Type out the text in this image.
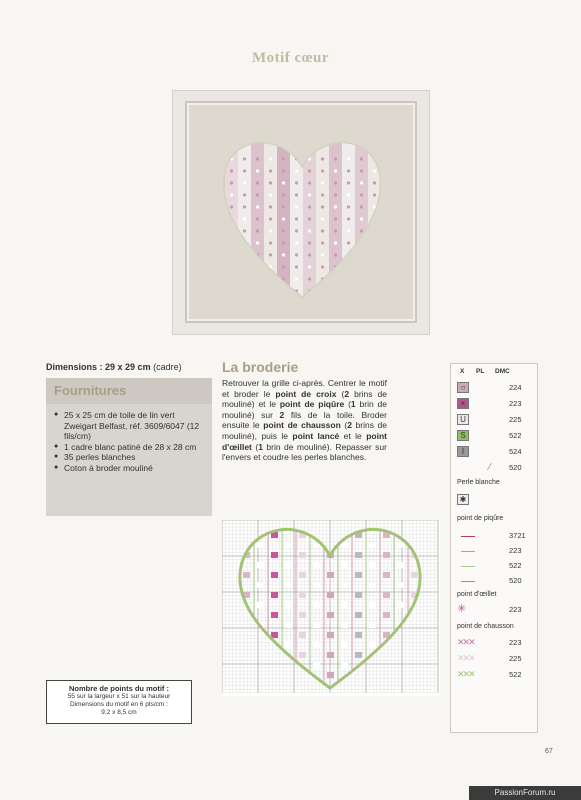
Motif cœur
Dimensions : 29 x 29 cm (cadre)
Fournitures
● 25 x 25 cm de toile de lin vert Zweigart Belfast, réf. 3609/6047 (12 fils/cm)
● 1 cadre blanc patiné de 28 x 28 cm
● 35 perles blanches
● Coton à broder mouliné
La broderie
Retrouver la grille ci-après. Centrer le motif et broder le point de croix (2 brins de mouliné) et le point de piqûre (1 brin de mouliné) sur 2 fils de la toile. Broder ensuite le point de chausson (2 brins de mouliné), puis le point lancé et le point d'œillet (1 brin de mouliné). Repasser sur l'envers et coudre les perles blanches.
X PL DMC
○	224
×	223
U	225
S	522
I	524
⁄	520
Perle blanche
✱
point de piqûre
3721
223
522
520
point d'œillet
✳	223
point de chausson
✕✕✕	223
✕✕✕	225
✕✕✕	522
Nombre de points du motif :
55 sur la largeur x 51 sur la hauteur
Dimensions du motif en 6 pts/cm :
9,2 x 8,5 cm
67
PassionForum.ru
